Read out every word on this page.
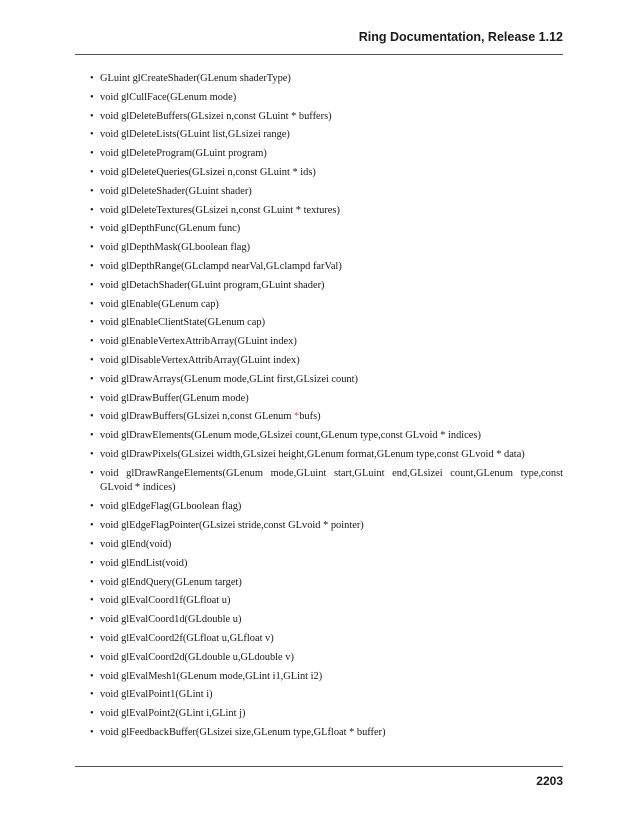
Ring Documentation, Release 1.12
• GLuint glCreateShader(GLenum shaderType)
• void glCullFace(GLenum mode)
• void glDeleteBuffers(GLsizei n,const GLuint * buffers)
• void glDeleteLists(GLuint list,GLsizei range)
• void glDeleteProgram(GLuint program)
• void glDeleteQueries(GLsizei n,const GLuint * ids)
• void glDeleteShader(GLuint shader)
• void glDeleteTextures(GLsizei n,const GLuint * textures)
• void glDepthFunc(GLenum func)
• void glDepthMask(GLboolean flag)
• void glDepthRange(GLclampd nearVal,GLclampd farVal)
• void glDetachShader(GLuint program,GLuint shader)
• void glEnable(GLenum cap)
• void glEnableClientState(GLenum cap)
• void glEnableVertexAttribArray(GLuint index)
• void glDisableVertexAttribArray(GLuint index)
• void glDrawArrays(GLenum mode,GLint first,GLsizei count)
• void glDrawBuffer(GLenum mode)
• void glDrawBuffers(GLsizei n,const GLenum *bufs)
• void glDrawElements(GLenum mode,GLsizei count,GLenum type,const GLvoid * indices)
• void glDrawPixels(GLsizei width,GLsizei height,GLenum format,GLenum type,const GLvoid * data)
• void glDrawRangeElements(GLenum mode,GLuint start,GLuint end,GLsizei count,GLenum type,const GLvoid * indices)
• void glEdgeFlag(GLboolean flag)
• void glEdgeFlagPointer(GLsizei stride,const GLvoid * pointer)
• void glEnd(void)
• void glEndList(void)
• void glEndQuery(GLenum target)
• void glEvalCoord1f(GLfloat u)
• void glEvalCoord1d(GLdouble u)
• void glEvalCoord2f(GLfloat u,GLfloat v)
• void glEvalCoord2d(GLdouble u,GLdouble v)
• void glEvalMesh1(GLenum mode,GLint i1,GLint i2)
• void glEvalPoint1(GLint i)
• void glEvalPoint2(GLint i,GLint j)
• void glFeedbackBuffer(GLsizei size,GLenum type,GLfloat * buffer)
2203
